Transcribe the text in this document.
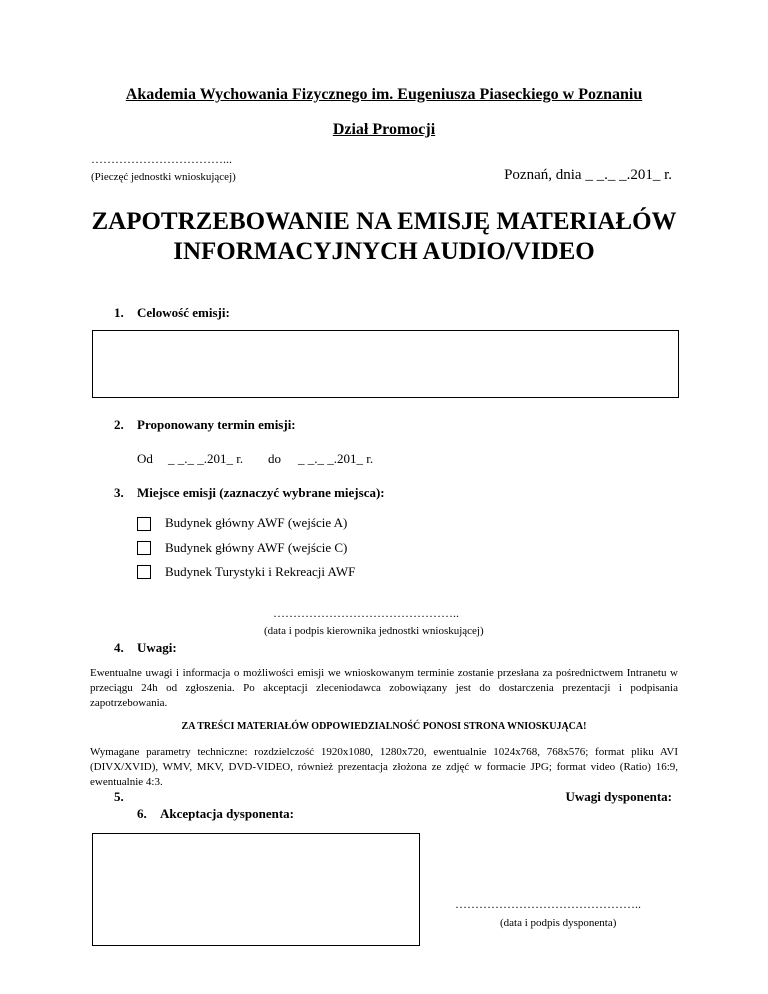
Akademia Wychowania Fizycznego im. Eugeniusza Piaseckiego w Poznaniu
Dział Promocji
……………………………...
(Pieczęć jednostki wnioskującej)	Poznań, dnia _ _._ _.201_ r.
ZAPOTRZEBOWANIE NA EMISJĘ MATERIAŁÓW
INFORMACYJNYCH AUDIO/VIDEO
1. Celowość emisji:
2. Proponowany termin emisji:
Od _ _._ _.201_ r. do _ _._ _.201_ r.
3. Miejsce emisji (zaznaczyć wybrane miejsca):
Budynek główny AWF (wejście A)
Budynek główny AWF (wejście C)
Budynek Turystyki i Rekreacji AWF
………………………………………..
(data i podpis kierownika jednostki wnioskującej)
4. Uwagi:
Ewentualne uwagi i informacja o możliwości emisji we wnioskowanym terminie zostanie przesłana za pośrednictwem Intranetu w przeciągu 24h od zgłoszenia. Po akceptacji zleceniodawca zobowiązany jest do dostarczenia prezentacji i podpisania zapotrzebowania.
ZA TREŚCI MATERIAŁÓW ODPOWIEDZIALNOŚĆ PONOSI STRONA WNIOSKUJĄCA!
Wymagane parametry techniczne: rozdzielczość 1920x1080, 1280x720, ewentualnie 1024x768, 768x576; format pliku AVI (DIVX/XVID), WMV, MKV, DVD-VIDEO, również prezentacja złożona ze zdjęć w formacie JPG; format video (Ratio) 16:9, ewentualnie 4:3.
5.	Uwagi dysponenta:
6. Akceptacja dysponenta:
………………………………………..
(data i podpis dysponenta)
